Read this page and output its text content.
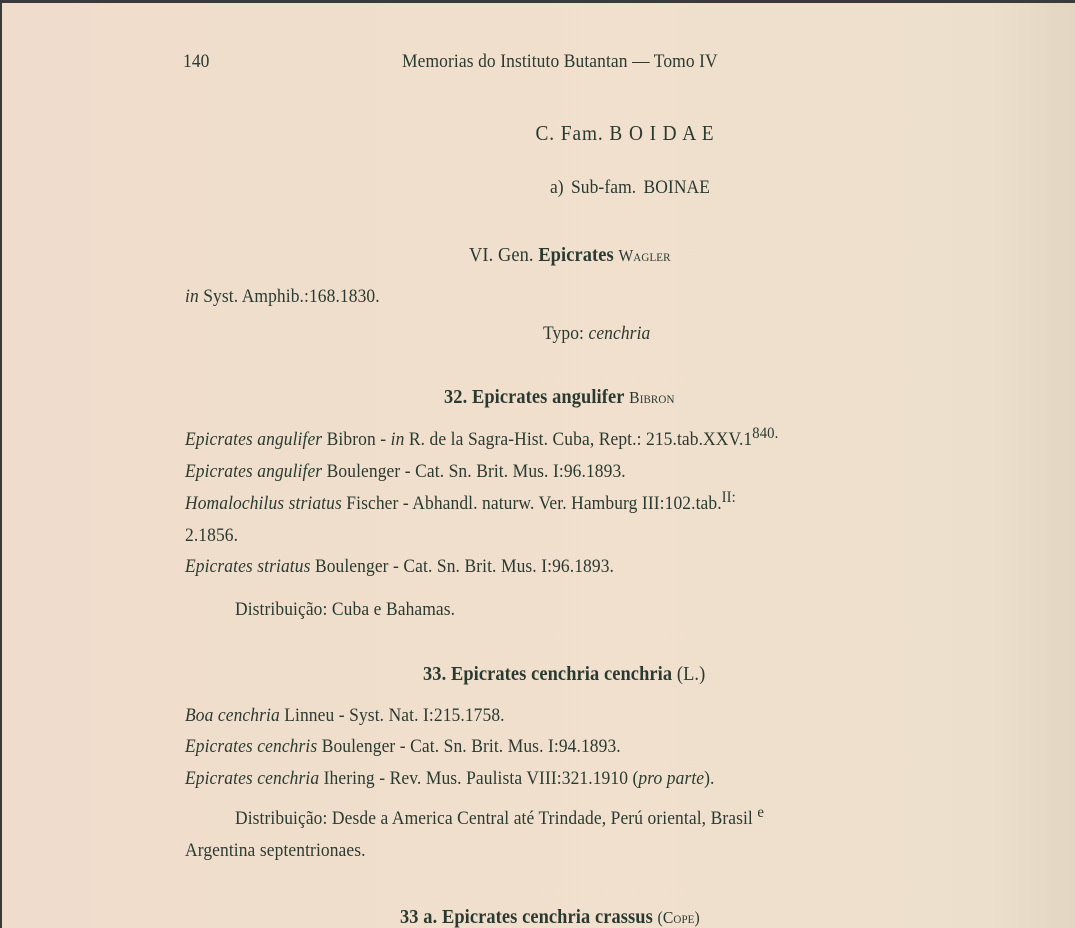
140	Memorias do Instituto Butantan — Tomo IV
C. Fam. B O I D A E
a) Sub-fam. BOINAE
VI. Gen. Epicrates Wagler
in Syst. Amphib.:168.1830.
Typo: cenchria
32. Epicrates angulifer Bibron
Epicrates angulifer Bibron - in R. de la Sagra-Hist. Cuba, Rept.: $215.tab.XXV.1^{840.}$
Epicrates angulifer Boulenger - Cat. Sn. Brit. Mus. I:96.1893.
Homalochilus striatus Fischer - Abhandl. naturw. Ver. Hamburg III:102.tab.$^{II:}$
2.1856.
Epicrates striatus Boulenger - Cat. Sn. Brit. Mus. I:96.1893.
Distribuição: Cuba e Bahamas.
33. Epicrates cenchria cenchria (L.)
Boa cenchria Linneu - Syst. Nat. I:215.1758.
Epicrates cenchris Boulenger - Cat. Sn. Brit. Mus. I:94.1893.
Epicrates cenchria Ihering - Rev. Mus. Paulista VIII:321.1910 (pro parte).
Distribuição: Desde a America Central até Trindade, Perú oriental, Brasil $^e$
Argentina septentrionaes.
33 a. Epicrates cenchria crassus (Cope)
